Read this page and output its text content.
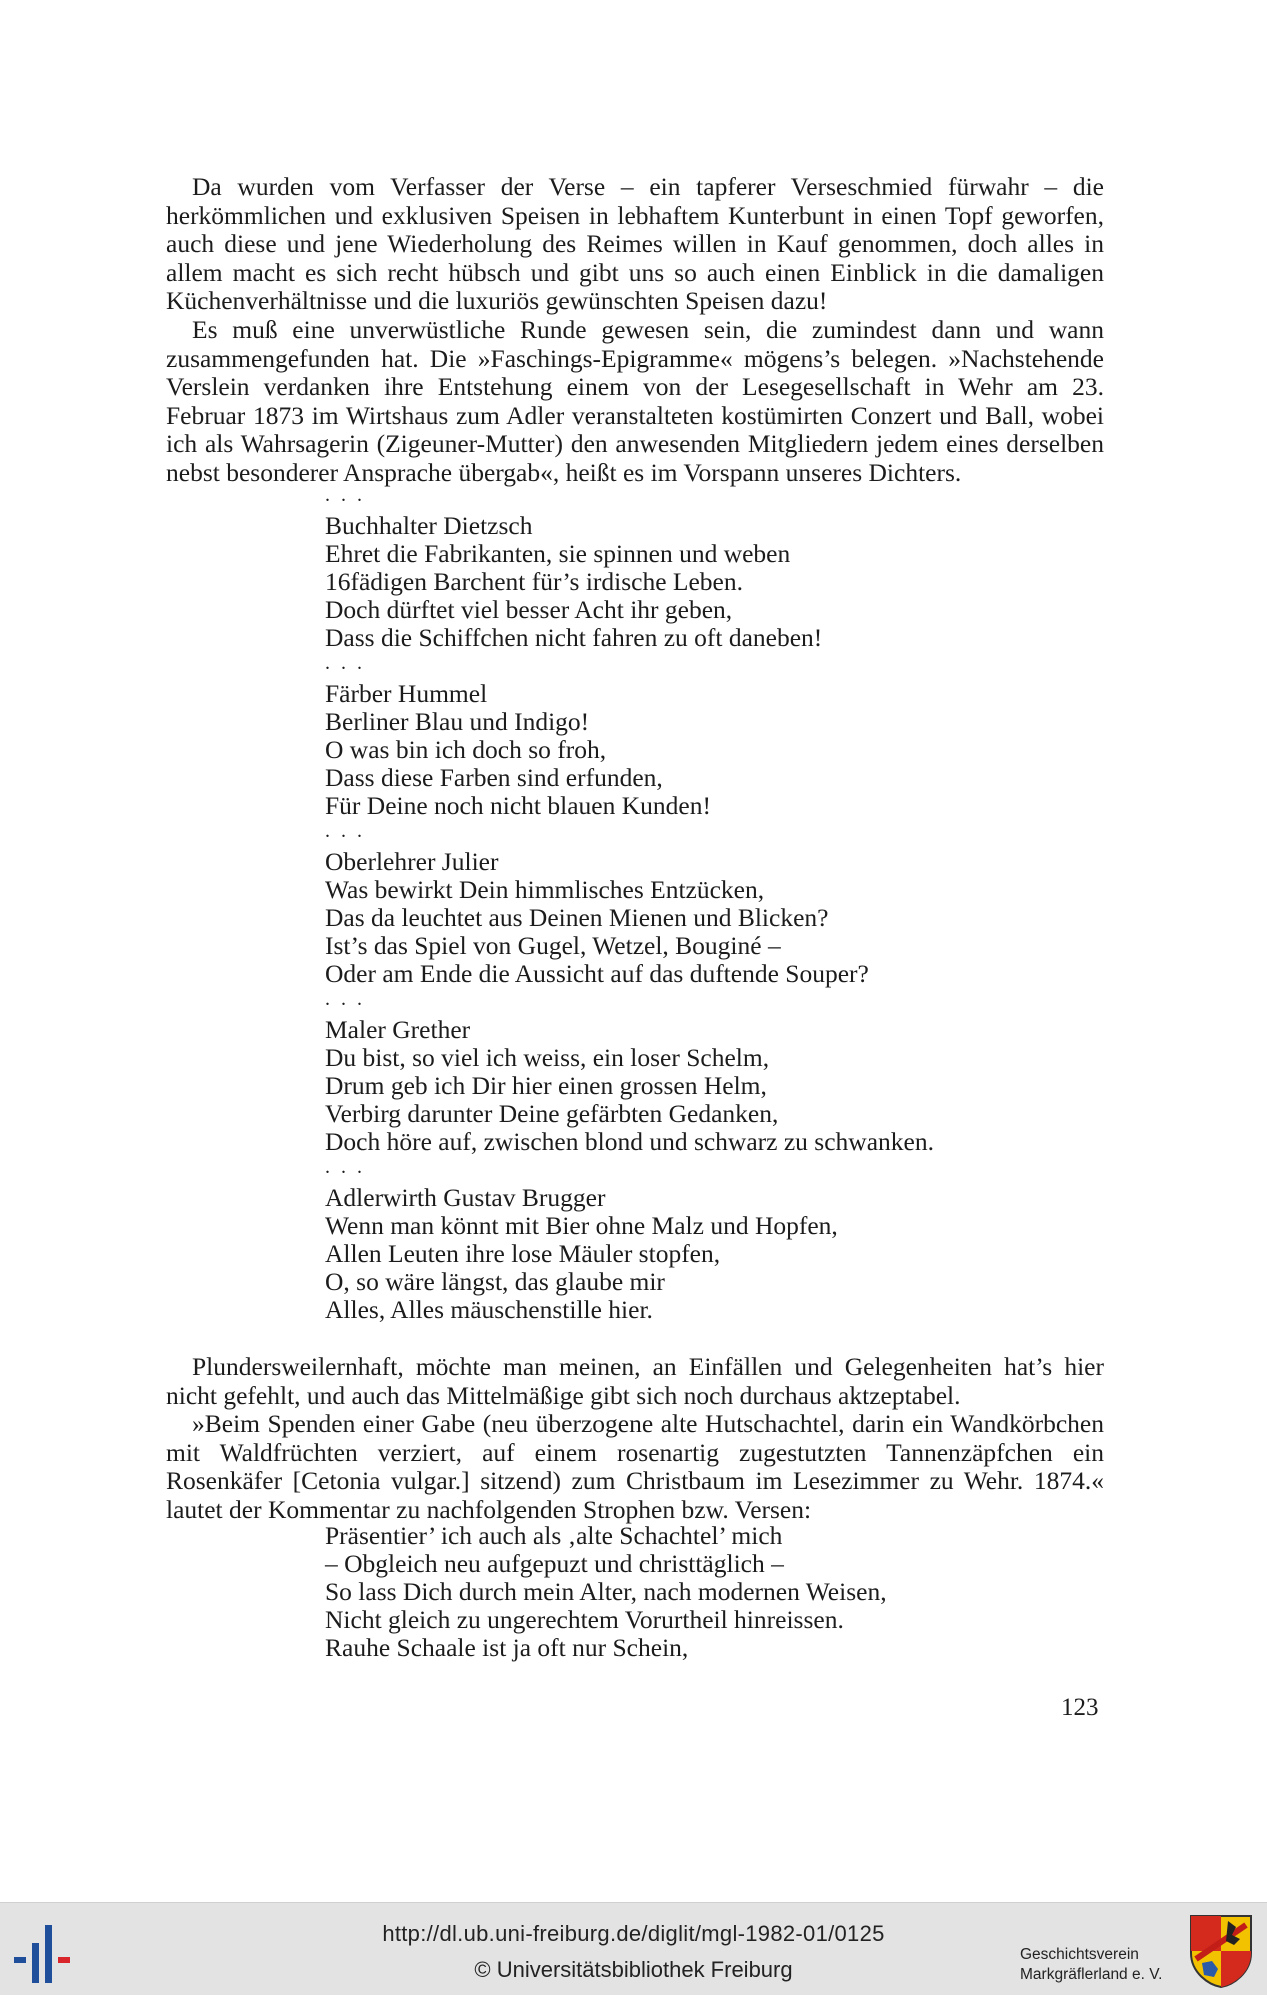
Da wurden vom Verfasser der Verse – ein tapferer Verseschmied fürwahr – die herkömmlichen und exklusiven Speisen in lebhaftem Kunterbunt in einen Topf geworfen, auch diese und jene Wiederholung des Reimes willen in Kauf genommen, doch alles in allem macht es sich recht hübsch und gibt uns so auch einen Einblick in die damaligen Küchenverhältnisse und die luxuriös gewünschten Speisen dazu!

Es muß eine unverwüstliche Runde gewesen sein, die zumindest dann und wann zusammengefunden hat. Die »Faschings-Epigramme« mögens’s belegen. »Nachstehende Verslein verdanken ihre Entstehung einem von der Lesegesellschaft in Wehr am 23. Februar 1873 im Wirtshaus zum Adler veranstalteten kostümirten Conzert und Ball, wobei ich als Wahrsagerin (Zigeuner-Mutter) den anwesenden Mitgliedern jedem eines derselben nebst besonderer Ansprache übergab«, heißt es im Vorspann unseres Dichters.

. . .
Buchhalter Dietzsch
Ehret die Fabrikanten, sie spinnen und weben
16fädigen Barchent für’s irdische Leben.
Doch dürftet viel besser Acht ihr geben,
Dass die Schiffchen nicht fahren zu oft daneben!
. . .
Färber Hummel
Berliner Blau und Indigo!
O was bin ich doch so froh,
Dass diese Farben sind erfunden,
Für Deine noch nicht blauen Kunden!
. . .
Oberlehrer Julier
Was bewirkt Dein himmlisches Entzücken,
Das da leuchtet aus Deinen Mienen und Blicken?
Ist’s das Spiel von Gugel, Wetzel, Bouginé –
Oder am Ende die Aussicht auf das duftende Souper?
. . .
Maler Grether
Du bist, so viel ich weiss, ein loser Schelm,
Drum geb ich Dir hier einen grossen Helm,
Verbirg darunter Deine gefärbten Gedanken,
Doch höre auf, zwischen blond und schwarz zu schwanken.
. . .
Adlerwirth Gustav Brugger
Wenn man könnt mit Bier ohne Malz und Hopfen,
Allen Leuten ihre lose Mäuler stopfen,
O, so wäre längst, das glaube mir
Alles, Alles mäuschenstille hier.

Plundersweilernhaft, möchte man meinen, an Einfällen und Gelegenheiten hat’s hier nicht gefehlt, und auch das Mittelmäßige gibt sich noch durchaus aktzeptabel.

»Beim Spenden einer Gabe (neu überzogene alte Hutschachtel, darin ein Wandkörbchen mit Waldfrüchten verziert, auf einem rosenartig zugestutzten Tannenzäpfchen ein Rosenkäfer [Cetonia vulgar.] sitzend) zum Christbaum im Lesezimmer zu Wehr. 1874.« lautet der Kommentar zu nachfolgenden Strophen bzw. Versen:

Präsentier’ ich auch als ‚alte Schachtel’ mich
– Obgleich neu aufgepuzt und christtäglich –
So lass Dich durch mein Alter, nach modernen Weisen,
Nicht gleich zu ungerechtem Vorurtheil hinreissen.
Rauhe Schaale ist ja oft nur Schein,
123
http://dl.ub.uni-freiburg.de/diglit/mgl-1982-01/0125
© Universitätsbibliothek Freiburg
Geschichtsverein
Markgräflerland e. V.
